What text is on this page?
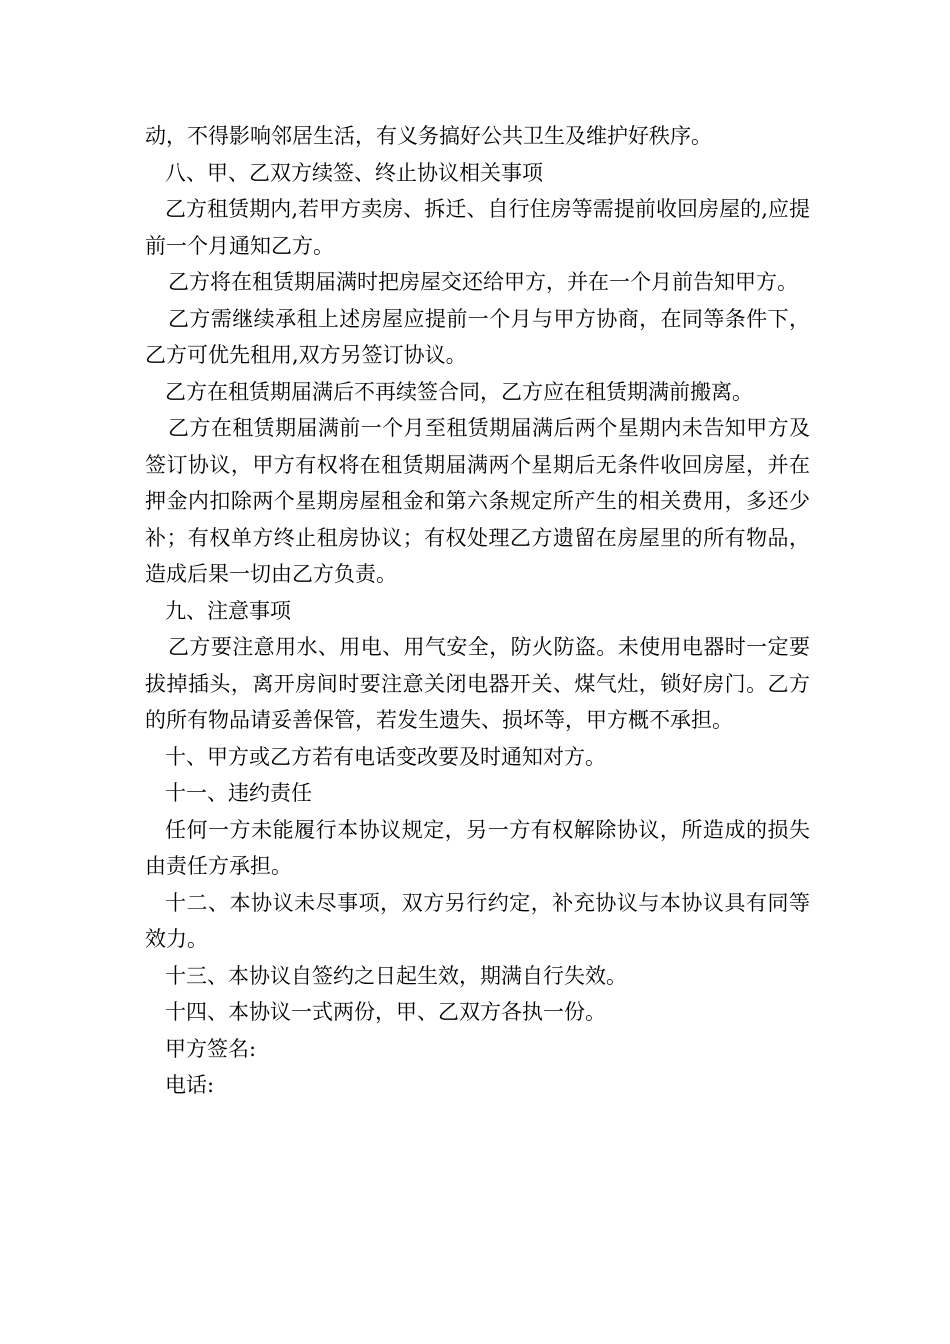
动，不得影响邻居生活，有义务搞好公共卫生及维护好秩序。

八、甲、乙双方续签、终止协议相关事项

乙方租赁期内,若甲方卖房、拆迁、自行住房等需提前收回房屋的,应提前一个月通知乙方。

乙方将在租赁期届满时把房屋交还给甲方，并在一个月前告知甲方。

乙方需继续承租上述房屋应提前一个月与甲方协商，在同等条件下，乙方可优先租用,双方另签订协议。

乙方在租赁期届满后不再续签合同，乙方应在租赁期满前搬离。

乙方在租赁期届满前一个月至租赁期届满后两个星期内未告知甲方及签订协议，甲方有权将在租赁期届满两个星期后无条件收回房屋，并在押金内扣除两个星期房屋租金和第六条规定所产生的相关费用，多还少补；有权单方终止租房协议；有权处理乙方遗留在房屋里的所有物品，造成后果一切由乙方负责。

九、注意事项

乙方要注意用水、用电、用气安全，防火防盗。未使用电器时一定要拔掉插头，离开房间时要注意关闭电器开关、煤气灶，锁好房门。乙方的所有物品请妥善保管，若发生遗失、损坏等，甲方概不承担。

十、甲方或乙方若有电话变改要及时通知对方。

十一、违约责任

任何一方未能履行本协议规定，另一方有权解除协议，所造成的损失由责任方承担。

十二、本协议未尽事项，双方另行约定，补充协议与本协议具有同等效力。

十三、本协议自签约之日起生效，期满自行失效。

十四、本协议一式两份，甲、乙双方各执一份。

甲方签名:

电话:
